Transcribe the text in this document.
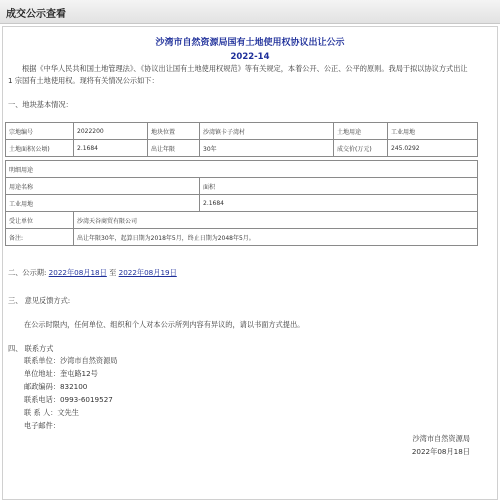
成交公示查看
沙湾市自然资源局国有土地使用权协议出让公示
2022-14
根据《中华人民共和国土地管理法》、《协议出让国有土地使用权规范》等有关规定，本着公开、公正、公平的原则。我局于拟以协议方式出让
1 宗国有土地使用权。现将有关情况公示如下：
一、地块基本情况：
宗地编号	2022200	地块位置	沙湾镇卡子湾村	土地用途	工业用地
土地面积(公顷)	2.1684	出让年限	30年	成交价(万元)	245.0292

明细用途					
用途名称			面积		
工业用地			2.1684		
受让单位	沙湾天谷商贸有限公司				
备注:	出让年限30年，起算日期为2018年5月，终止日期为2048年5月。				
二、公示期: 2022年08月18日 至 2022年08月19日
三、 意见反馈方式:
在公示时限内，任何单位、组织和个人对本公示所列内容有异议的，请以书面方式提出。
四、 联系方式
联系单位：沙湾市自然资源局
单位地址：奎屯路12号
邮政编码：832100
联系电话：0993-6019527
联 系 人：文先生
电子邮件：
沙湾市自然资源局
2022年08月18日
